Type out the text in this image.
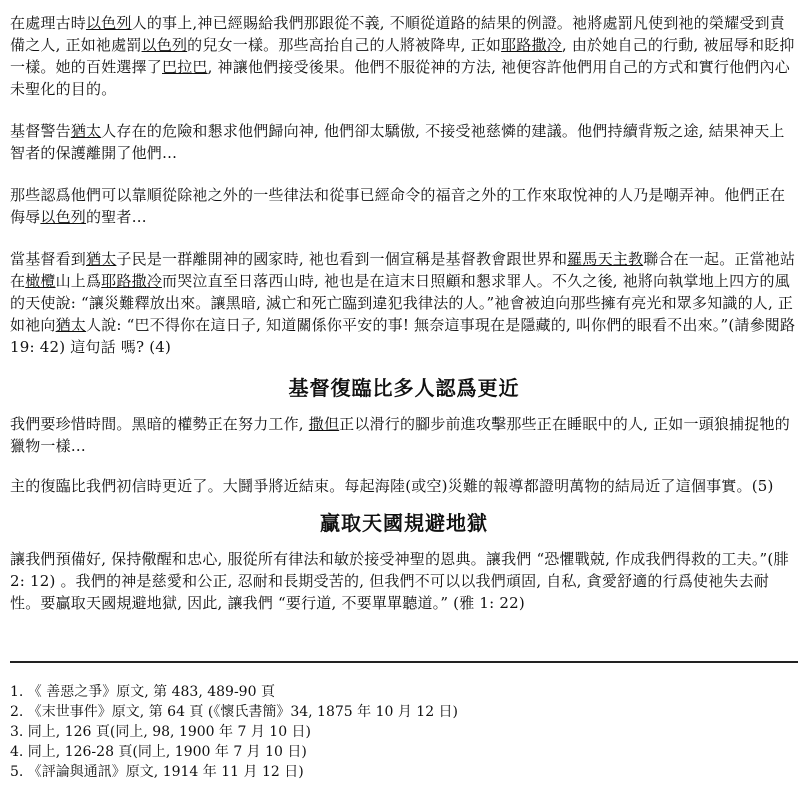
在處理古時以色列人的事上,神已經賜給我們那跟從不義, 不順從道路的結果的例證。祂將處罰凡使到祂的榮耀受到責備之人, 正如祂處罰以色列的兒女一樣。那些高抬自己的人將被降卑, 正如耶路撒冷, 由於她自己的行動, 被屈辱和貶抑一樣。她的百姓選擇了巴拉巴, 神讓他們接受後果。他們不服從神的方法, 祂便容許他們用自己的方式和實行他們內心未聖化的目的。

基督警告猶太人存在的危險和懇求他們歸向神, 他們卻太驕傲, 不接受祂慈憐的建議。他們持續背叛之途, 結果神天上智者的保護離開了他們…

那些認爲他們可以靠順從除祂之外的一些律法和從事已經命令的福音之外的工作來取悅神的人乃是嘲弄神。他們正在侮辱以色列的聖者…

當基督看到猶太子民是一群離開神的國家時, 祂也看到一個宣稱是基督教會跟世界和羅馬天主教聯合在一起。正當祂站在橄欖山上爲耶路撒冷而哭泣直至日落西山時, 祂也是在這末日照顧和懇求罪人。不久之後, 祂將向執掌地上四方的風的天使說: “讓災難釋放出來。讓黑暗, 滅亡和死亡臨到違犯我律法的人。”祂會被迫向那些擁有亮光和眾多知識的人, 正如祂向猶太人說: “巴不得你在這日子, 知道關係你平安的事! 無奈這事現在是隱藏的, 叫你們的眼看不出來。”(請參閱路 19: 42) 這句話 嗎? (4)

基督復臨比多人認爲更近

我們要珍惜時間。黑暗的權勢正在努力工作, 撒但正以滑行的腳步前進攻擊那些正在睡眠中的人, 正如一頭狼捕捉牠的獵物一樣…

主的復臨比我們初信時更近了。大鬪爭將近結束。每起海陸(或空)災難的報導都證明萬物的結局近了這個事實。(5)

贏取天國規避地獄

讓我們預備好, 保持儆醒和忠心, 服從所有律法和敏於接受神聖的恩典。讓我們 “恐懼戰兢, 作成我們得救的工夫。”(腓 2: 12) 。我們的神是慈愛和公正, 忍耐和長期受苦的, 但我們不可以以我們頑固, 自私, 貪愛舒適的行爲使祂失去耐性。要贏取天國規避地獄, 因此, 讓我們 “要行道, 不要單單聽道。” (雅 1: 22)

1. 《 善惡之爭》原文, 第 483, 489-90 頁
2. 《末世事件》原文, 第 64 頁 (《懷氏書簡》34, 1875 年 10 月 12 日)
3. 同上, 126 頁(同上, 98, 1900 年 7 月 10 日)
4. 同上, 126-28 頁(同上, 1900 年 7 月 10 日)
5. 《評論與通訊》原文, 1914 年 11 月 12 日)
